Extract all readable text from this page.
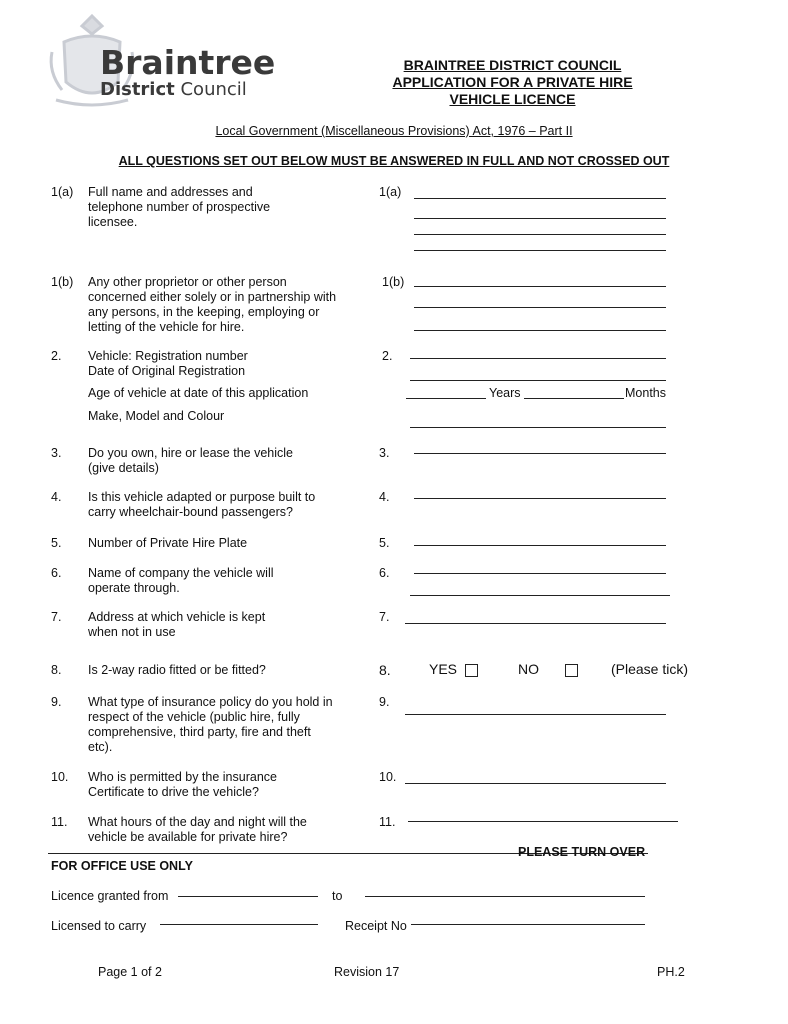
Braintree
District Council
BRAINTREE DISTRICT COUNCIL
APPLICATION FOR A PRIVATE HIRE
VEHICLE LICENCE
Local Government (Miscellaneous Provisions) Act, 1976 – Part II
ALL QUESTIONS SET OUT BELOW MUST BE ANSWERED IN FULL AND NOT CROSSED OUT
1(a) Full name and addresses and telephone number of prospective licensee.
1(a)
1(b) Any other proprietor or other person concerned either solely or in partnership with any persons, in the keeping, employing or letting of the vehicle for hire.
1(b)
2. Vehicle: Registration number
Date of Original Registration
Age of vehicle at date of this application
Make, Model and Colour
2.
Years	Months
3. Do you own, hire or lease the vehicle (give details)
3.
4. Is this vehicle adapted or purpose built to carry wheelchair-bound passengers?
4.
5. Number of Private Hire Plate	5.
6. Name of company the vehicle will operate through.
6.
7. Address at which vehicle is kept when not in use
7.
8. Is 2-way radio fitted or be fitted?	8.	YES	NO	(Please tick)
9. What type of insurance policy do you hold in respect of the vehicle (public hire, fully comprehensive, third party, fire and theft etc).
9.
10. Who is permitted by the insurance Certificate to drive the vehicle?
10.
11. What hours of the day and night will the vehicle be available for private hire?
11.
PLEASE TURN OVER
FOR OFFICE USE ONLY
Licence granted from	to
Licensed to carry	Receipt No
Page 1 of 2	Revision 17	PH.2
